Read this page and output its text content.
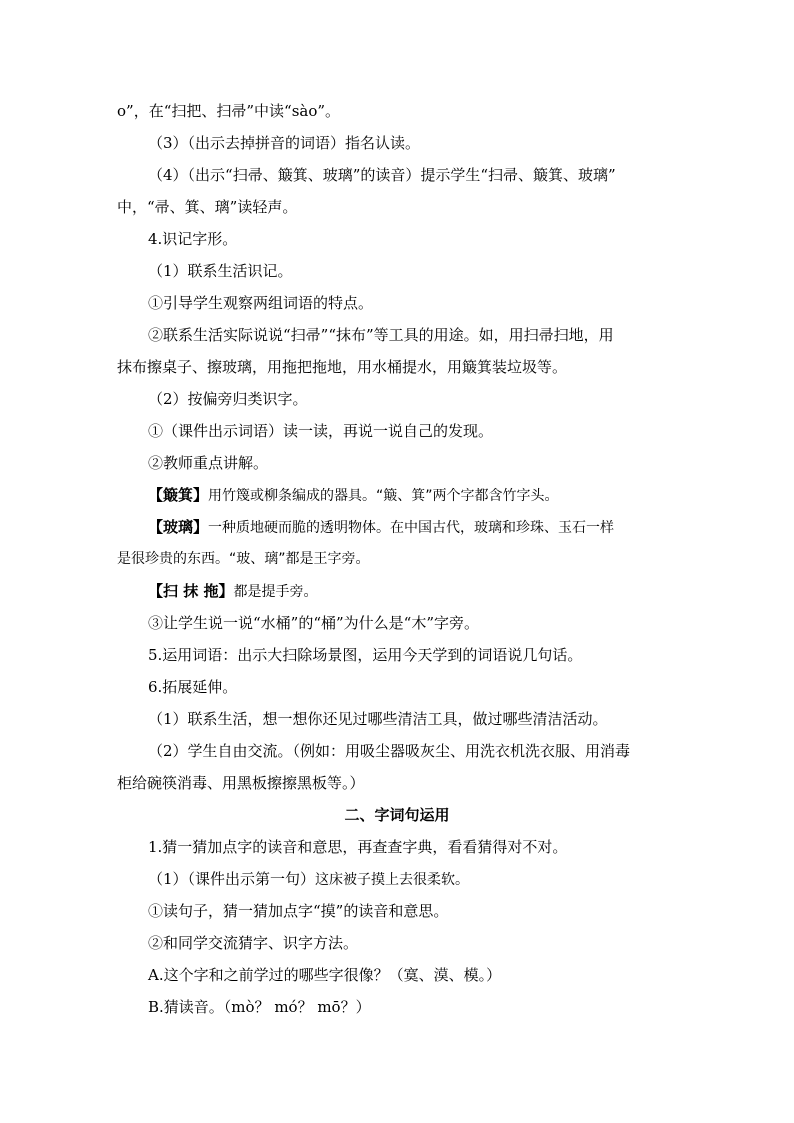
o”，在“扫把、扫帚”中读“sào”。
（3）（出示去掉拼音的词语）指名认读。
（4）（出示“扫帚、簸箕、玻璃”的读音）提示学生“扫帚、簸箕、玻璃”
中，“帚、箕、璃”读轻声。
4.识记字形。
（1）联系生活识记。
①引导学生观察两组词语的特点。
②联系生活实际说说“扫帚”“抹布”等工具的用途。如，用扫帚扫地，用
抹布擦桌子、擦玻璃，用拖把拖地，用水桶提水，用簸箕装垃圾等。
（2）按偏旁归类识字。
①（课件出示词语）读一读，再说一说自己的发现。
②教师重点讲解。
【簸箕】用竹篾或柳条编成的器具。“簸、箕”两个字都含竹字头。
【玻璃】一种质地硬而脆的透明物体。在中国古代，玻璃和珍珠、玉石一样
是很珍贵的东西。“玻、璃”都是王字旁。
【扫 抹 拖】都是提手旁。
③让学生说一说“水桶”的“桶”为什么是“木”字旁。
5.运用词语：出示大扫除场景图，运用今天学到的词语说几句话。
6.拓展延伸。
（1）联系生活，想一想你还见过哪些清洁工具，做过哪些清洁活动。
（2）学生自由交流。（例如：用吸尘器吸灰尘、用洗衣机洗衣服、用消毒
柜给碗筷消毒、用黑板擦擦黑板等。）
二、字词句运用
1.猜一猜加点字的读音和意思，再查查字典，看看猜得对不对。
（1）（课件出示第一句）这床被子摸上去很柔软。
①读句子，猜一猜加点字“摸”的读音和意思。
②和同学交流猜字、识字方法。
A.这个字和之前学过的哪些字很像？（寞、漠、模。）
B.猜读音。（mò？ mó？ mō？）
